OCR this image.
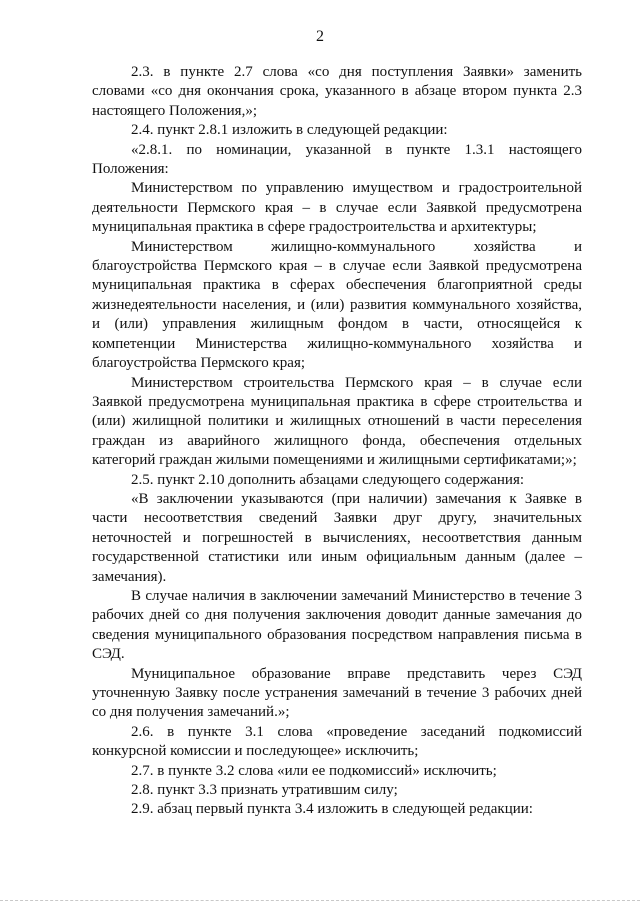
2

2.3. в пункте 2.7 слова «со дня поступления Заявки» заменить словами «со дня окончания срока, указанного в абзаце втором пункта 2.3 настоящего Положения,»;

2.4. пункт 2.8.1 изложить в следующей редакции:

«2.8.1. по номинации, указанной в пункте 1.3.1 настоящего Положения:

Министерством по управлению имуществом и градостроительной деятельности Пермского края – в случае если Заявкой предусмотрена муниципальная практика в сфере градостроительства и архитектуры;

Министерством жилищно-коммунального хозяйства и благоустройства Пермского края – в случае если Заявкой предусмотрена муниципальная практика в сферах обеспечения благоприятной среды жизнедеятельности населения, и (или) развития коммунального хозяйства, и (или) управления жилищным фондом в части, относящейся к компетенции Министерства жилищно-коммунального хозяйства и благоустройства Пермского края;

Министерством строительства Пермского края – в случае если Заявкой предусмотрена муниципальная практика в сфере строительства и (или) жилищной политики и жилищных отношений в части переселения граждан из аварийного жилищного фонда, обеспечения отдельных категорий граждан жилыми помещениями и жилищными сертификатами;»;

2.5. пункт 2.10 дополнить абзацами следующего содержания:

«В заключении указываются (при наличии) замечания к Заявке в части несоответствия сведений Заявки друг другу, значительных неточностей и погрешностей в вычислениях, несоответствия данным государственной статистики или иным официальным данным (далее – замечания).

В случае наличия в заключении замечаний Министерство в течение 3 рабочих дней со дня получения заключения доводит данные замечания до сведения муниципального образования посредством направления письма в СЭД.

Муниципальное образование вправе представить через СЭД уточненную Заявку после устранения замечаний в течение 3 рабочих дней со дня получения замечаний.»;

2.6. в пункте 3.1 слова «проведение заседаний подкомиссий конкурсной комиссии и последующее» исключить;

2.7. в пункте 3.2 слова «или ее подкомиссий» исключить;

2.8. пункт 3.3 признать утратившим силу;

2.9. абзац первый пункта 3.4 изложить в следующей редакции:
